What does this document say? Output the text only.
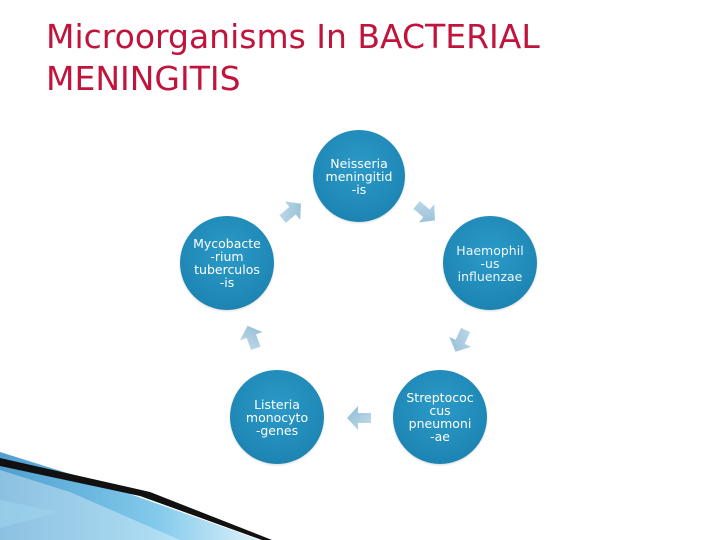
Microorganisms In BACTERIAL MENINGITIS
Neisseria
meningitid
-is
Haemophil
-us
influenzae
Streptococ
cus
pneumoni
-ae
Listeria
monocyto
-genes
Mycobacte
-rium
tuberculos
-is
